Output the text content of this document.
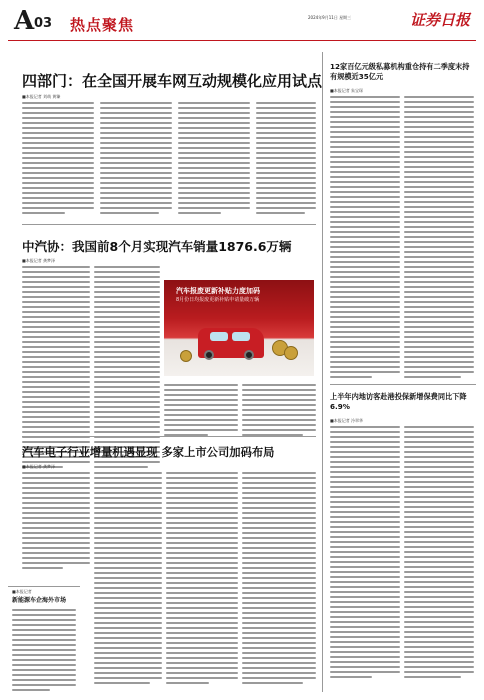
A 03 热点聚焦	2024年9月11日 星期三	证券日报
四部门：在全国开展车网互动规模化应用试点
■本报记者 刘萌 黄臻
中汽协：我国前8个月实现汽车销量1876.6万辆
■本报记者 龚梦泽
汽车报废更新补贴力度加码
8月份日均报废更新补贴申请量破万辆
汽车电子行业增量机遇显现 多家上市公司加码布局
■本报记者 龚梦泽
新能源车企海外市场
■本报记者
12家百亿元级私募机构重仓持有二季度末持有规模近35亿元
■本报记者 朱宝琛
上半年内地访客赴港投保新增保费同比下降6.9%
■本报记者 冷翠华
